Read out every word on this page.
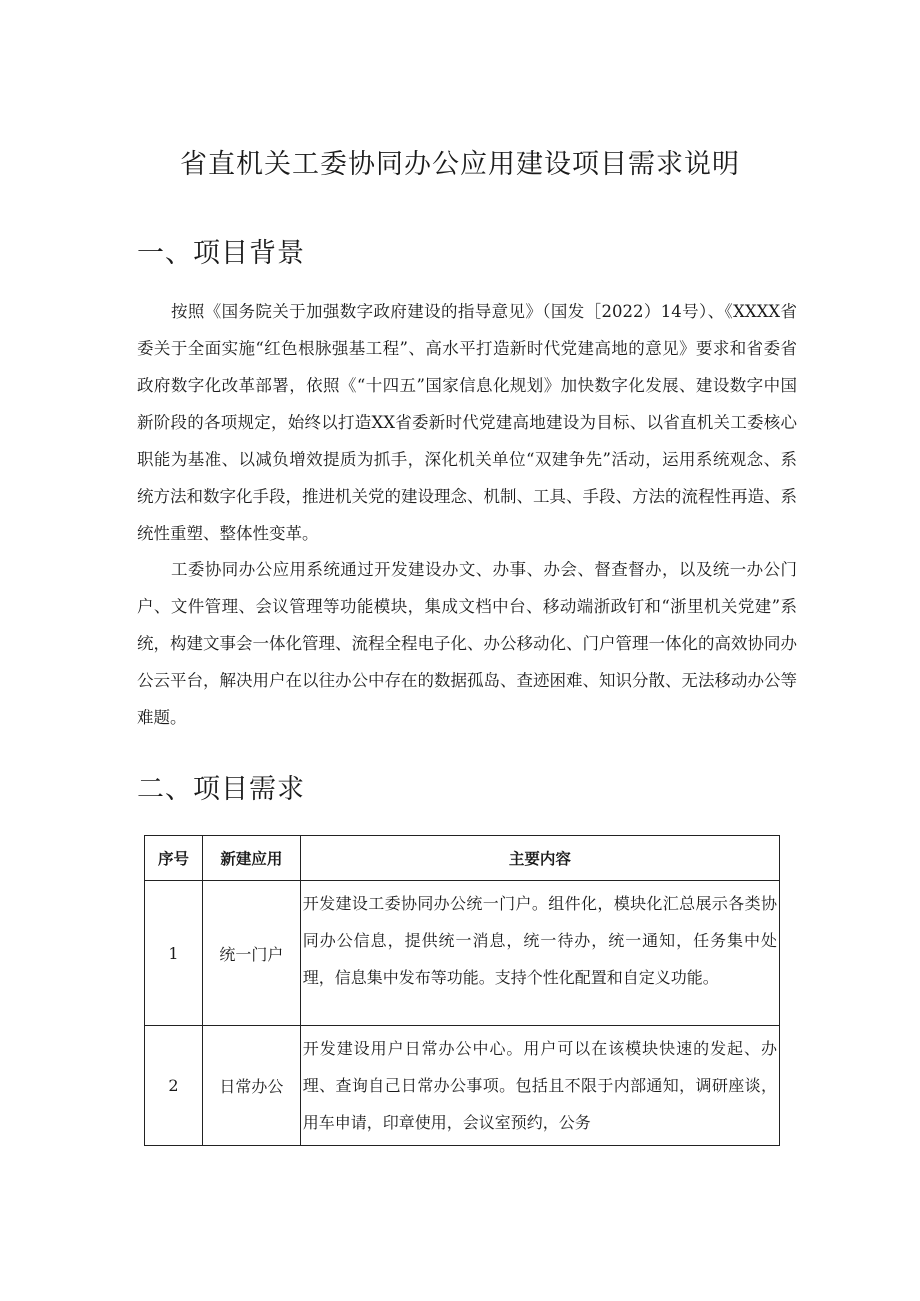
省直机关工委协同办公应用建设项目需求说明
一、项目背景

按照《国务院关于加强数字政府建设的指导意见》（国发［2022）14号）、《XXXX省委关于全面实施“红色根脉强基工程”、高水平打造新时代党建高地的意见》要求和省委省政府数字化改革部署，依照《“十四五”国家信息化规划》加快数字化发展、建设数字中国新阶段的各项规定，始终以打造XX省委新时代党建高地建设为目标、以省直机关工委核心职能为基准、以减负增效提质为抓手，深化机关单位“双建争先”活动，运用系统观念、系统方法和数字化手段，推进机关党的建设理念、机制、工具、手段、方法的流程性再造、系统性重塑、整体性变革。

工委协同办公应用系统通过开发建设办文、办事、办会、督查督办，以及统一办公门户、文件管理、会议管理等功能模块，集成文档中台、移动端浙政钉和“浙里机关党建”系统，构建文事会一体化管理、流程全程电子化、办公移动化、门户管理一体化的高效协同办公云平台，解决用户在以往办公中存在的数据孤岛、查迹困难、知识分散、无法移动办公等难题。

二、项目需求
序号	新建应用	主要内容
1	统一门户	开发建设工委协同办公统一门户。组件化，模块化汇总展示各类协同办公信息，提供统一消息，统一待办，统一通知，任务集中处理，信息集中发布等功能。支持个性化配置和自定义功能。
2	日常办公	开发建设用户日常办公中心。用户可以在该模块快速的发起、办理、查询自己日常办公事项。包括且不限于内部通知，调研座谈，用车申请，印章使用，会议室预约，公务
